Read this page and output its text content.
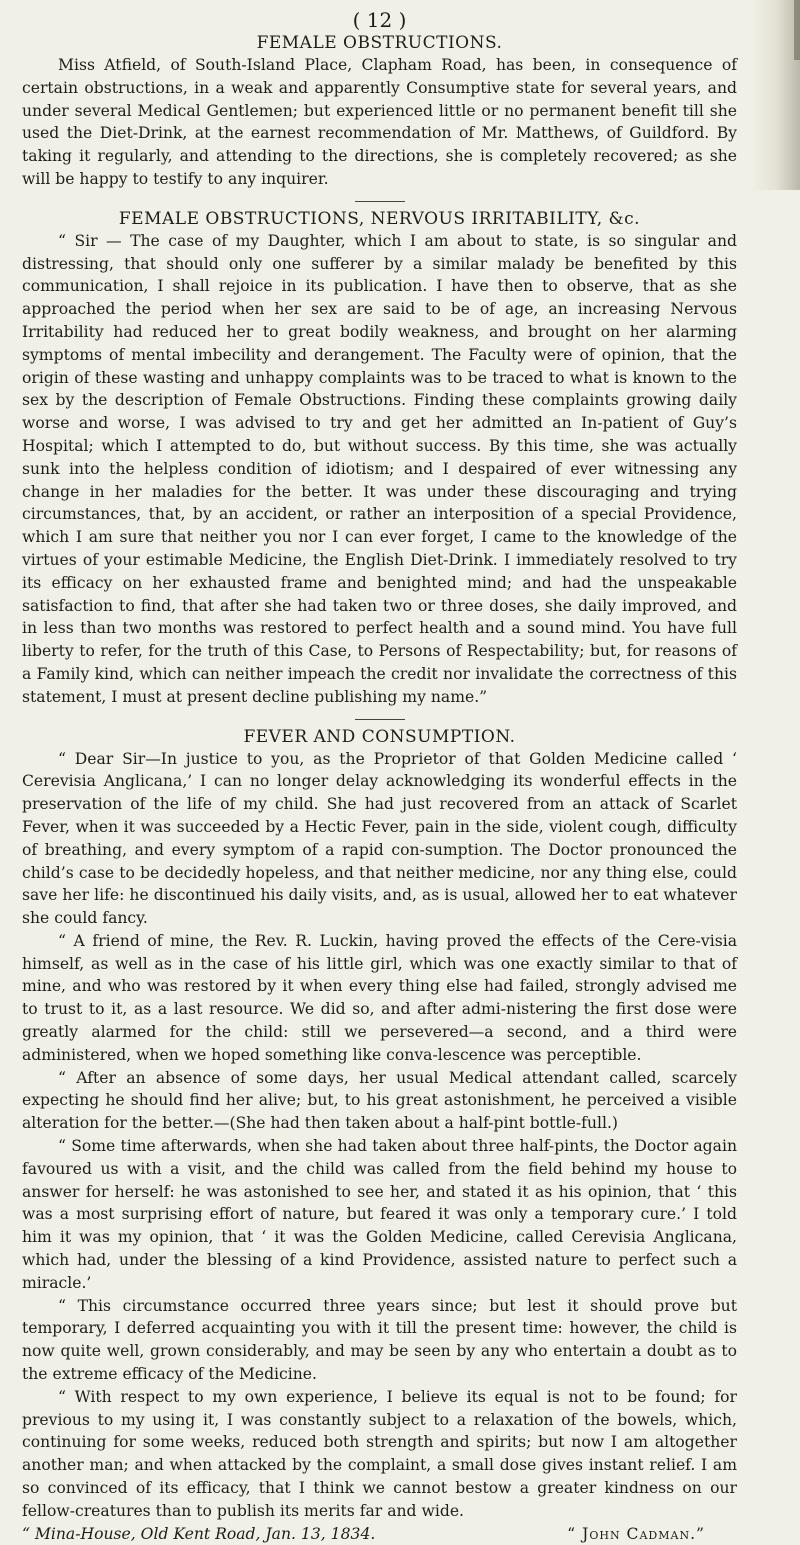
( 12 )
FEMALE OBSTRUCTIONS.

Miss Atfield, of South-Island Place, Clapham Road, has been, in consequence of certain obstructions, in a weak and apparently Consumptive state for several years, and under several Medical Gentlemen; but experienced little or no permanent benefit till she used the Diet-Drink, at the earnest recommendation of Mr. Matthews, of Guildford. By taking it regularly, and attending to the directions, she is completely recovered; as she will be happy to testify to any inquirer.

FEMALE OBSTRUCTIONS, NERVOUS IRRITABILITY, &c.

“ Sir — The case of my Daughter, which I am about to state, is so singular and distressing, that should only one sufferer by a similar malady be benefited by this communication, I shall rejoice in its publication. I have then to observe, that as she approached the period when her sex are said to be of age, an increasing Nervous Irritability had reduced her to great bodily weakness, and brought on her alarming symptoms of mental imbecility and derangement. The Faculty were of opinion, that the origin of these wasting and unhappy complaints was to be traced to what is known to the sex by the description of Female Obstructions. Finding these complaints growing daily worse and worse, I was advised to try and get her admitted an In-patient of Guy’s Hospital; which I attempted to do, but without success. By this time, she was actually sunk into the helpless condition of idiotism; and I despaired of ever witnessing any change in her maladies for the better. It was under these discouraging and trying circumstances, that, by an accident, or rather an interposition of a special Providence, which I am sure that neither you nor I can ever forget, I came to the knowledge of the virtues of your estimable Medicine, the English Diet-Drink. I immediately resolved to try its efficacy on her exhausted frame and benighted mind; and had the unspeakable satisfaction to find, that after she had taken two or three doses, she daily improved, and in less than two months was restored to perfect health and a sound mind. You have full liberty to refer, for the truth of this Case, to Persons of Respectability; but, for reasons of a Family kind, which can neither impeach the credit nor invalidate the correctness of this statement, I must at present decline publishing my name.”

FEVER AND CONSUMPTION.

“ Dear Sir—In justice to you, as the Proprietor of that Golden Medicine called ‘ Cerevisia Anglicana,’ I can no longer delay acknowledging its wonderful effects in the preservation of the life of my child. She had just recovered from an attack of Scarlet Fever, when it was succeeded by a Hectic Fever, pain in the side, violent cough, difficulty of breathing, and every symptom of a rapid con-sumption. The Doctor pronounced the child’s case to be decidedly hopeless, and that neither medicine, nor any thing else, could save her life: he discontinued his daily visits, and, as is usual, allowed her to eat whatever she could fancy.

“ A friend of mine, the Rev. R. Luckin, having proved the effects of the Cere-visia himself, as well as in the case of his little girl, which was one exactly similar to that of mine, and who was restored by it when every thing else had failed, strongly advised me to trust to it, as a last resource. We did so, and after admi-nistering the first dose were greatly alarmed for the child: still we persevered—a second, and a third were administered, when we hoped something like conva-lescence was perceptible.

“ After an absence of some days, her usual Medical attendant called, scarcely expecting he should find her alive; but, to his great astonishment, he perceived a visible alteration for the better.—(She had then taken about a half-pint bottle-full.)

“ Some time afterwards, when she had taken about three half-pints, the Doctor again favoured us with a visit, and the child was called from the field behind my house to answer for herself: he was astonished to see her, and stated it as his opinion, that ‘ this was a most surprising effort of nature, but feared it was only a temporary cure.’ I told him it was my opinion, that ‘ it was the Golden Medicine, called Cerevisia Anglicana, which had, under the blessing of a kind Providence, assisted nature to perfect such a miracle.’

“ This circumstance occurred three years since; but lest it should prove but temporary, I deferred acquainting you with it till the present time: however, the child is now quite well, grown considerably, and may be seen by any who entertain a doubt as to the extreme efficacy of the Medicine.

“ With respect to my own experience, I believe its equal is not to be found; for previous to my using it, I was constantly subject to a relaxation of the bowels, which, continuing for some weeks, reduced both strength and spirits; but now I am altogether another man; and when attacked by the complaint, a small dose gives instant relief. I am so convinced of its efficacy, that I think we cannot bestow a greater kindness on our fellow-creatures than to publish its merits far and wide.

“ Mina-House, Old Kent Road, Jan. 13, 1834.	“ John Cadman.”
